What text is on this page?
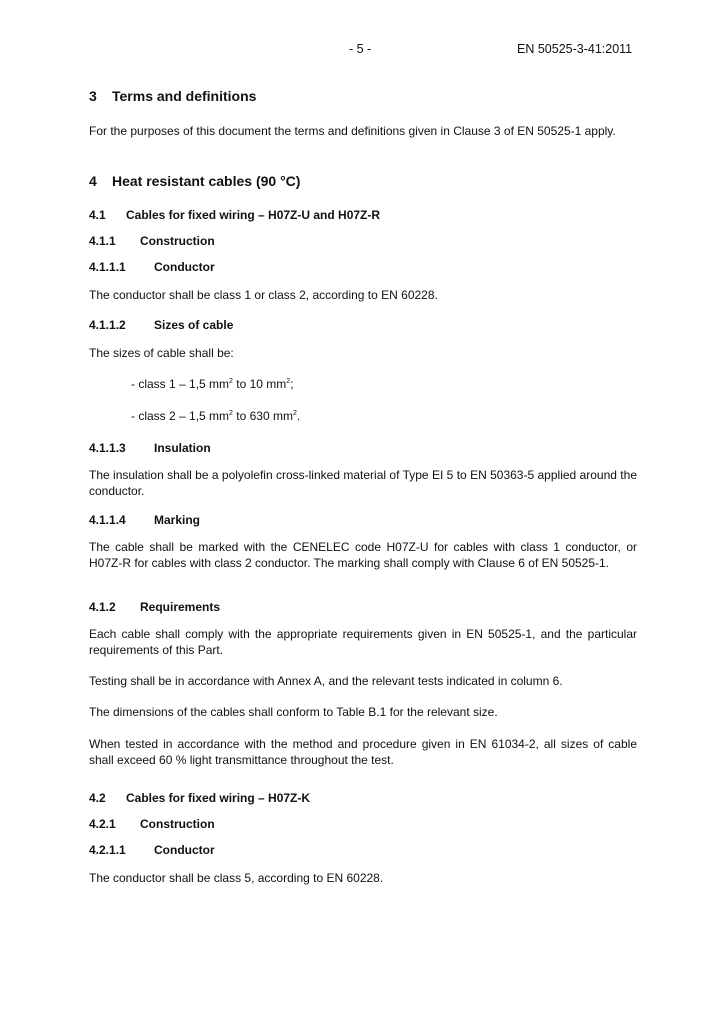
- 5 -	EN 50525-3-41:2011
3 Terms and definitions

For the purposes of this document the terms and definitions given in Clause 3 of EN 50525-1 apply.

4 Heat resistant cables (90 °C)
4.1 Cables for fixed wiring – H07Z-U and H07Z-R
4.1.1 Construction
4.1.1.1 Conductor

The conductor shall be class 1 or class 2, according to EN 60228.

4.1.1.2 Sizes of cable

The sizes of cable shall be:

- class 1 – 1,5 $mm^2$ to 10 $mm^2$;
- class 2 – 1,5 $mm^2$ to 630 $mm^2$.
4.1.1.3 Insulation

The insulation shall be a polyolefin cross-linked material of Type EI 5 to EN 50363-5 applied around the conductor.

4.1.1.4 Marking

The cable shall be marked with the CENELEC code H07Z-U for cables with class 1 conductor, or H07Z-R for cables with class 2 conductor. The marking shall comply with Clause 6 of EN 50525-1.

4.1.2 Requirements

Each cable shall comply with the appropriate requirements given in EN 50525-1, and the particular requirements of this Part.

Testing shall be in accordance with Annex A, and the relevant tests indicated in column 6.

The dimensions of the cables shall conform to Table B.1 for the relevant size.

When tested in accordance with the method and procedure given in EN 61034-2, all sizes of cable shall exceed 60 % light transmittance throughout the test.

4.2 Cables for fixed wiring – H07Z-K
4.2.1 Construction
4.2.1.1 Conductor

The conductor shall be class 5, according to EN 60228.
